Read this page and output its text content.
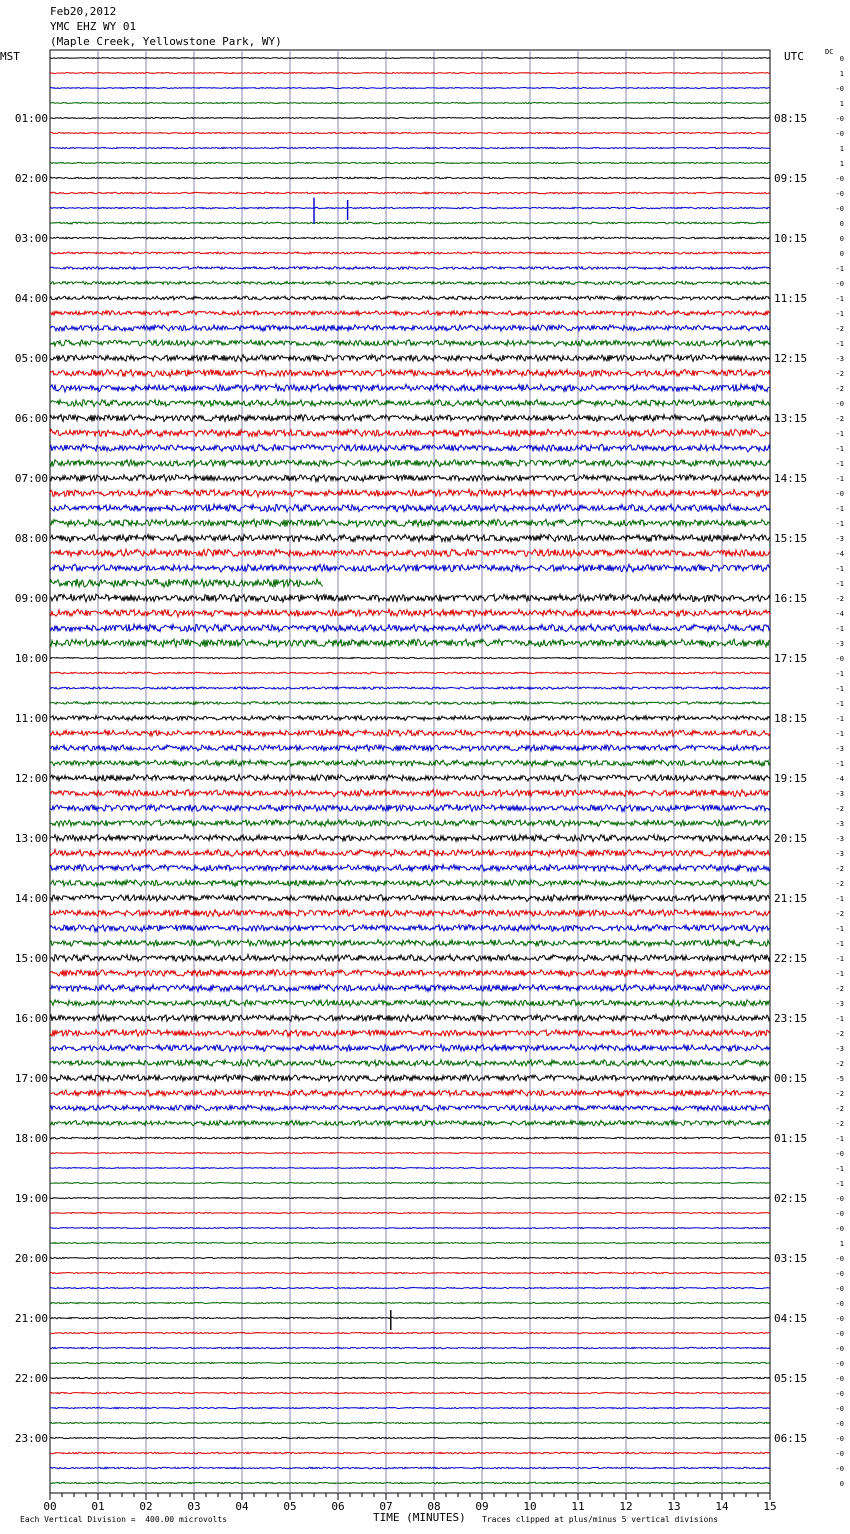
Feb20,2012
YMC EHZ WY 01
(Maple Creek, Yellowstone Park, WY)
MST	UTC	DC
00	01	02	03	04	05	06	07	08	09	10	11	12	13	14	15
01:00
02:00
03:00
04:00
05:00
06:00
07:00
08:00
09:00
10:00
11:00
12:00
13:00
14:00
15:00
16:00
17:00
18:00
19:00
20:00
21:00
22:00
23:00
08:15
09:15
10:15
11:15
12:15
13:15
14:15
15:15
16:15
17:15
18:15
19:15
20:15
21:15
22:15
23:15
00:15
01:15
02:15
03:15
04:15
05:15
06:15
0
1
-0
1
-0
-0
1
1
-0
-0
-0
0
0
0
-1
-0
-1
-1
-2
-1
-3
-2
-2
-0
-2
-1
-1
-1
-1
-0
-1
-1
-3
-4
-1
-1
-2
-4
-1
-3
-0
-1
-1
-1
-1
-1
-3
-1
-4
-3
-2
-3
-3
-3
-2
-2
-1
-2
-1
-1
-1
-1
-2
-3
-1
-2
-3
-2
-5
-2
-2
-2
-1
-0
-1
-1
-0
-0
-0
1
-0
-0
-0
-0
-0
-0
-0
-0
-0
-0
-0
-0
-0
-0
-0
0
TIME (MINUTES)
Each Vertical Division =  400.00 microvolts	Traces clipped at plus/minus 5 vertical divisions
